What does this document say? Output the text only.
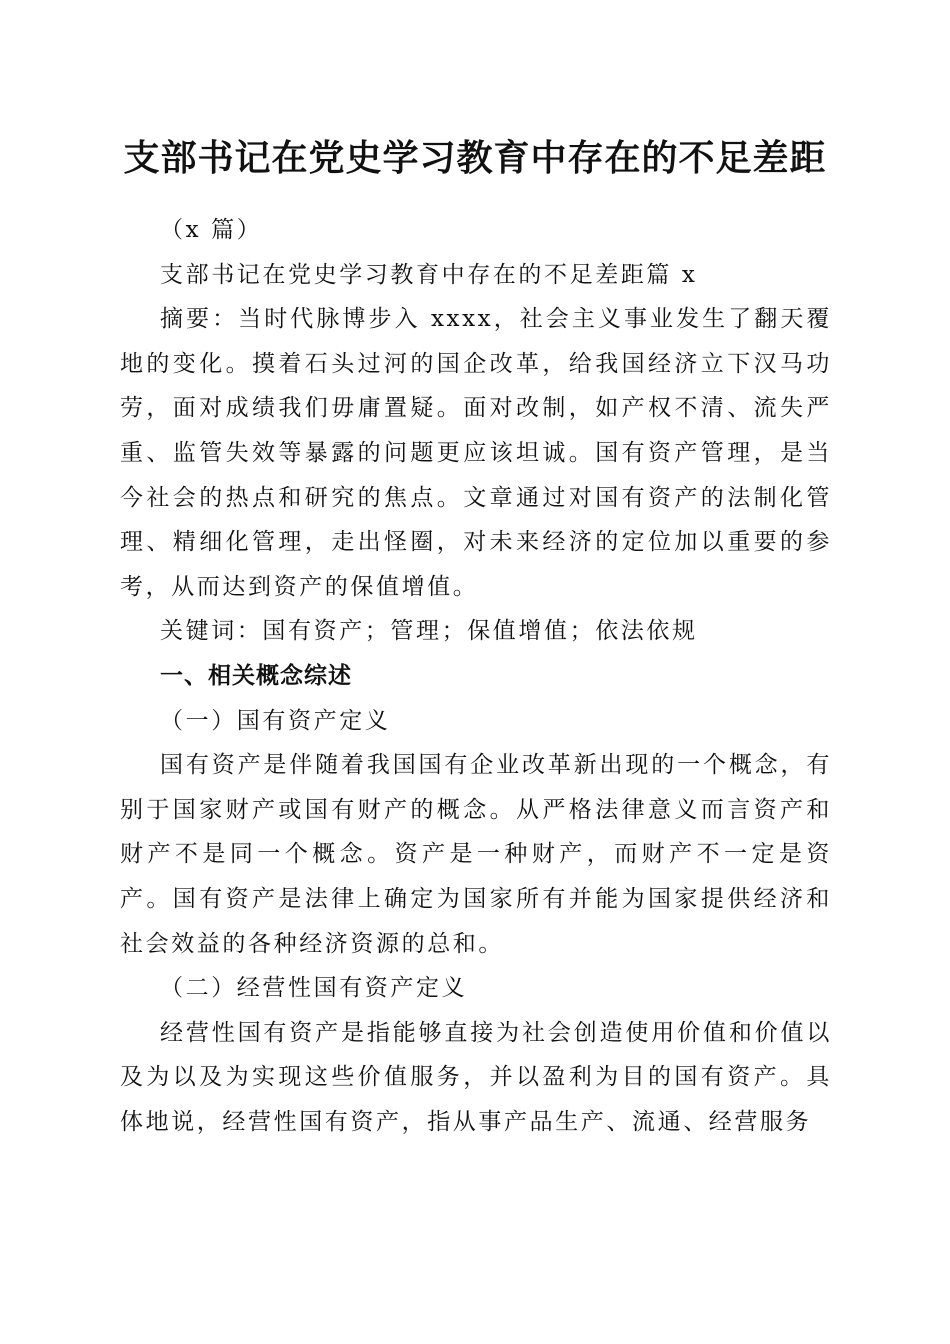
支部书记在党史学习教育中存在的不足差距

（x 篇）

支部书记在党史学习教育中存在的不足差距篇 x

摘要：当时代脉博步入 xxxx，社会主义事业发生了翻天覆地的变化。摸着石头过河的国企改革，给我国经济立下汉马功劳，面对成绩我们毋庸置疑。面对改制，如产权不清、流失严重、监管失效等暴露的问题更应该坦诚。国有资产管理，是当今社会的热点和研究的焦点。文章通过对国有资产的法制化管理、精细化管理，走出怪圈，对未来经济的定位加以重要的参考，从而达到资产的保值增值。

关键词：国有资产；管理；保值增值；依法依规

一、相关概念综述

（一）国有资产定义

国有资产是伴随着我国国有企业改革新出现的一个概念，有别于国家财产或国有财产的概念。从严格法律意义而言资产和财产不是同一个概念。资产是一种财产，而财产不一定是资产。国有资产是法律上确定为国家所有并能为国家提供经济和社会效益的各种经济资源的总和。

（二）经营性国有资产定义

经营性国有资产是指能够直接为社会创造使用价值和价值以及为以及为实现这些价值服务，并以盈利为目的国有资产。具体地说，经营性国有资产，指从事产品生产、流通、经营服务
